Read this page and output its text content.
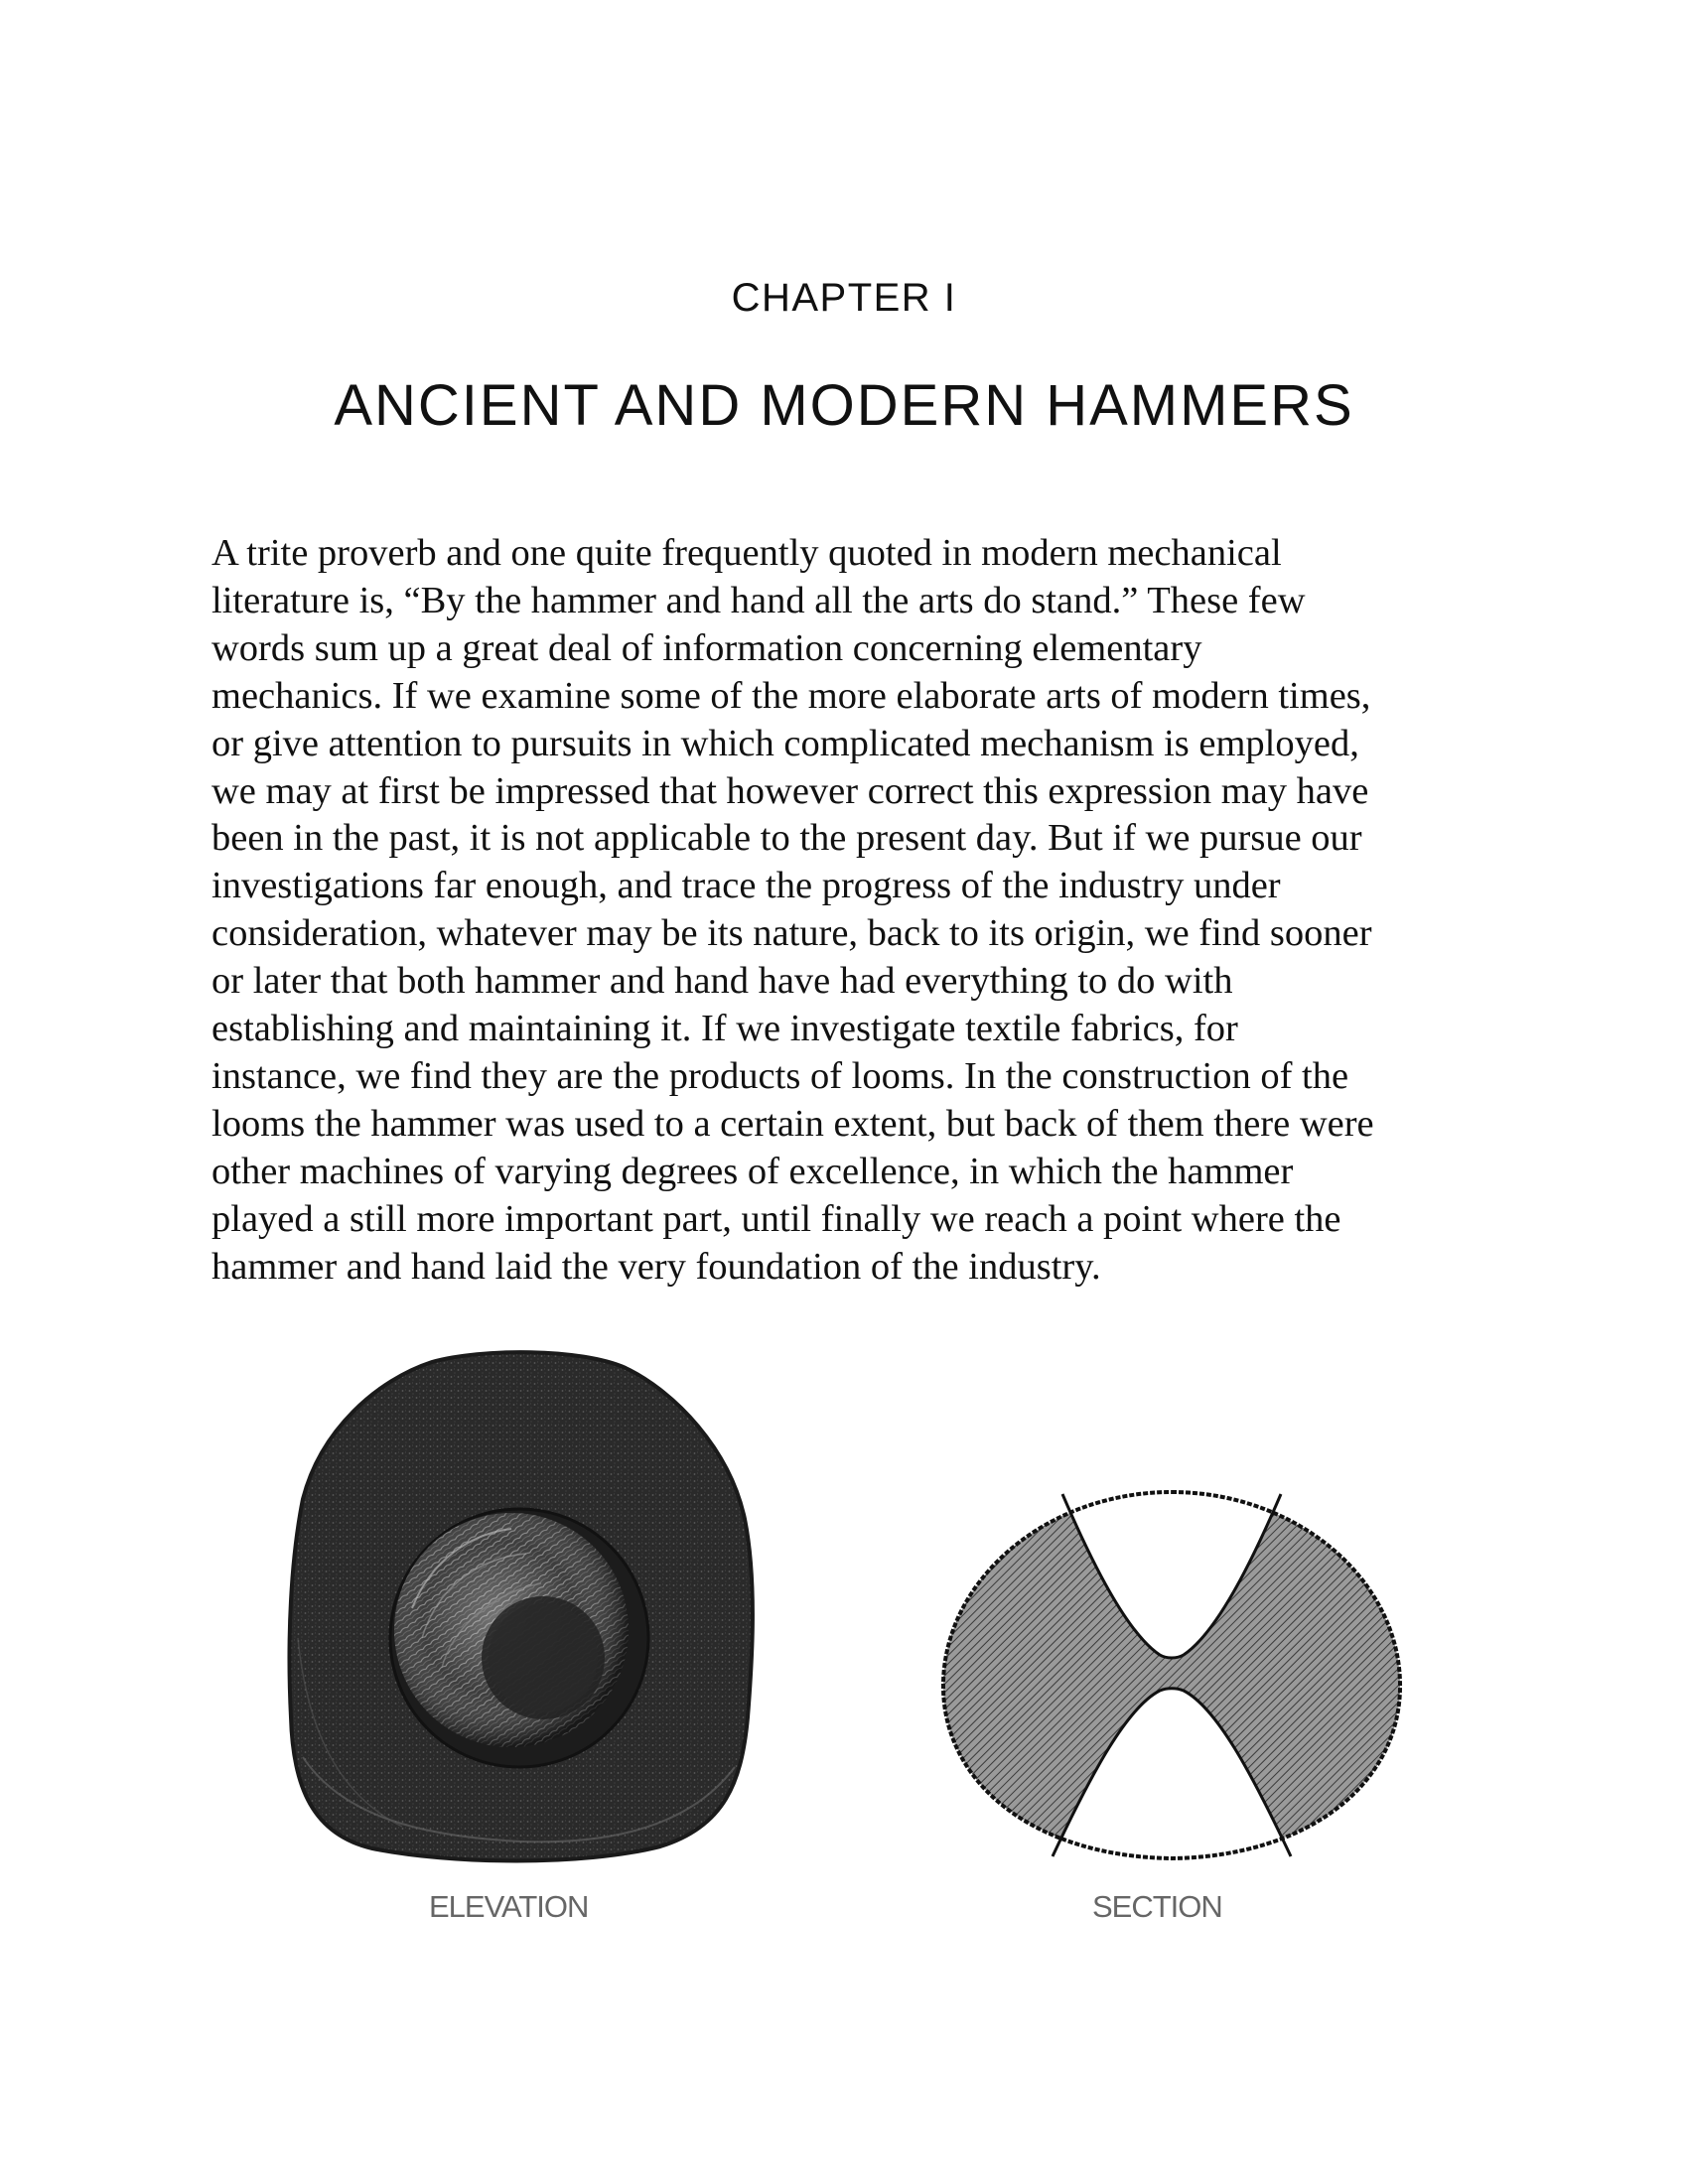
CHAPTER I
ANCIENT AND MODERN HAMMERS
A trite proverb and one quite frequently quoted in modern mechanical
literature is, “By the hammer and hand all the arts do stand.” These few
words sum up a great deal of information concerning elementary
mechanics. If we examine some of the more elaborate arts of modern times,
or give attention to pursuits in which complicated mechanism is employed,
we may at first be impressed that however correct this expression may have
been in the past, it is not applicable to the present day. But if we pursue our
investigations far enough, and trace the progress of the industry under
consideration, whatever may be its nature, back to its origin, we find sooner
or later that both hammer and hand have had everything to do with
establishing and maintaining it. If we investigate textile fabrics, for
instance, we find they are the products of looms. In the construction of the
looms the hammer was used to a certain extent, but back of them there were
other machines of varying degrees of excellence, in which the hammer
played a still more important part, until finally we reach a point where the
hammer and hand laid the very foundation of the industry.
ELEVATION	SECTION
